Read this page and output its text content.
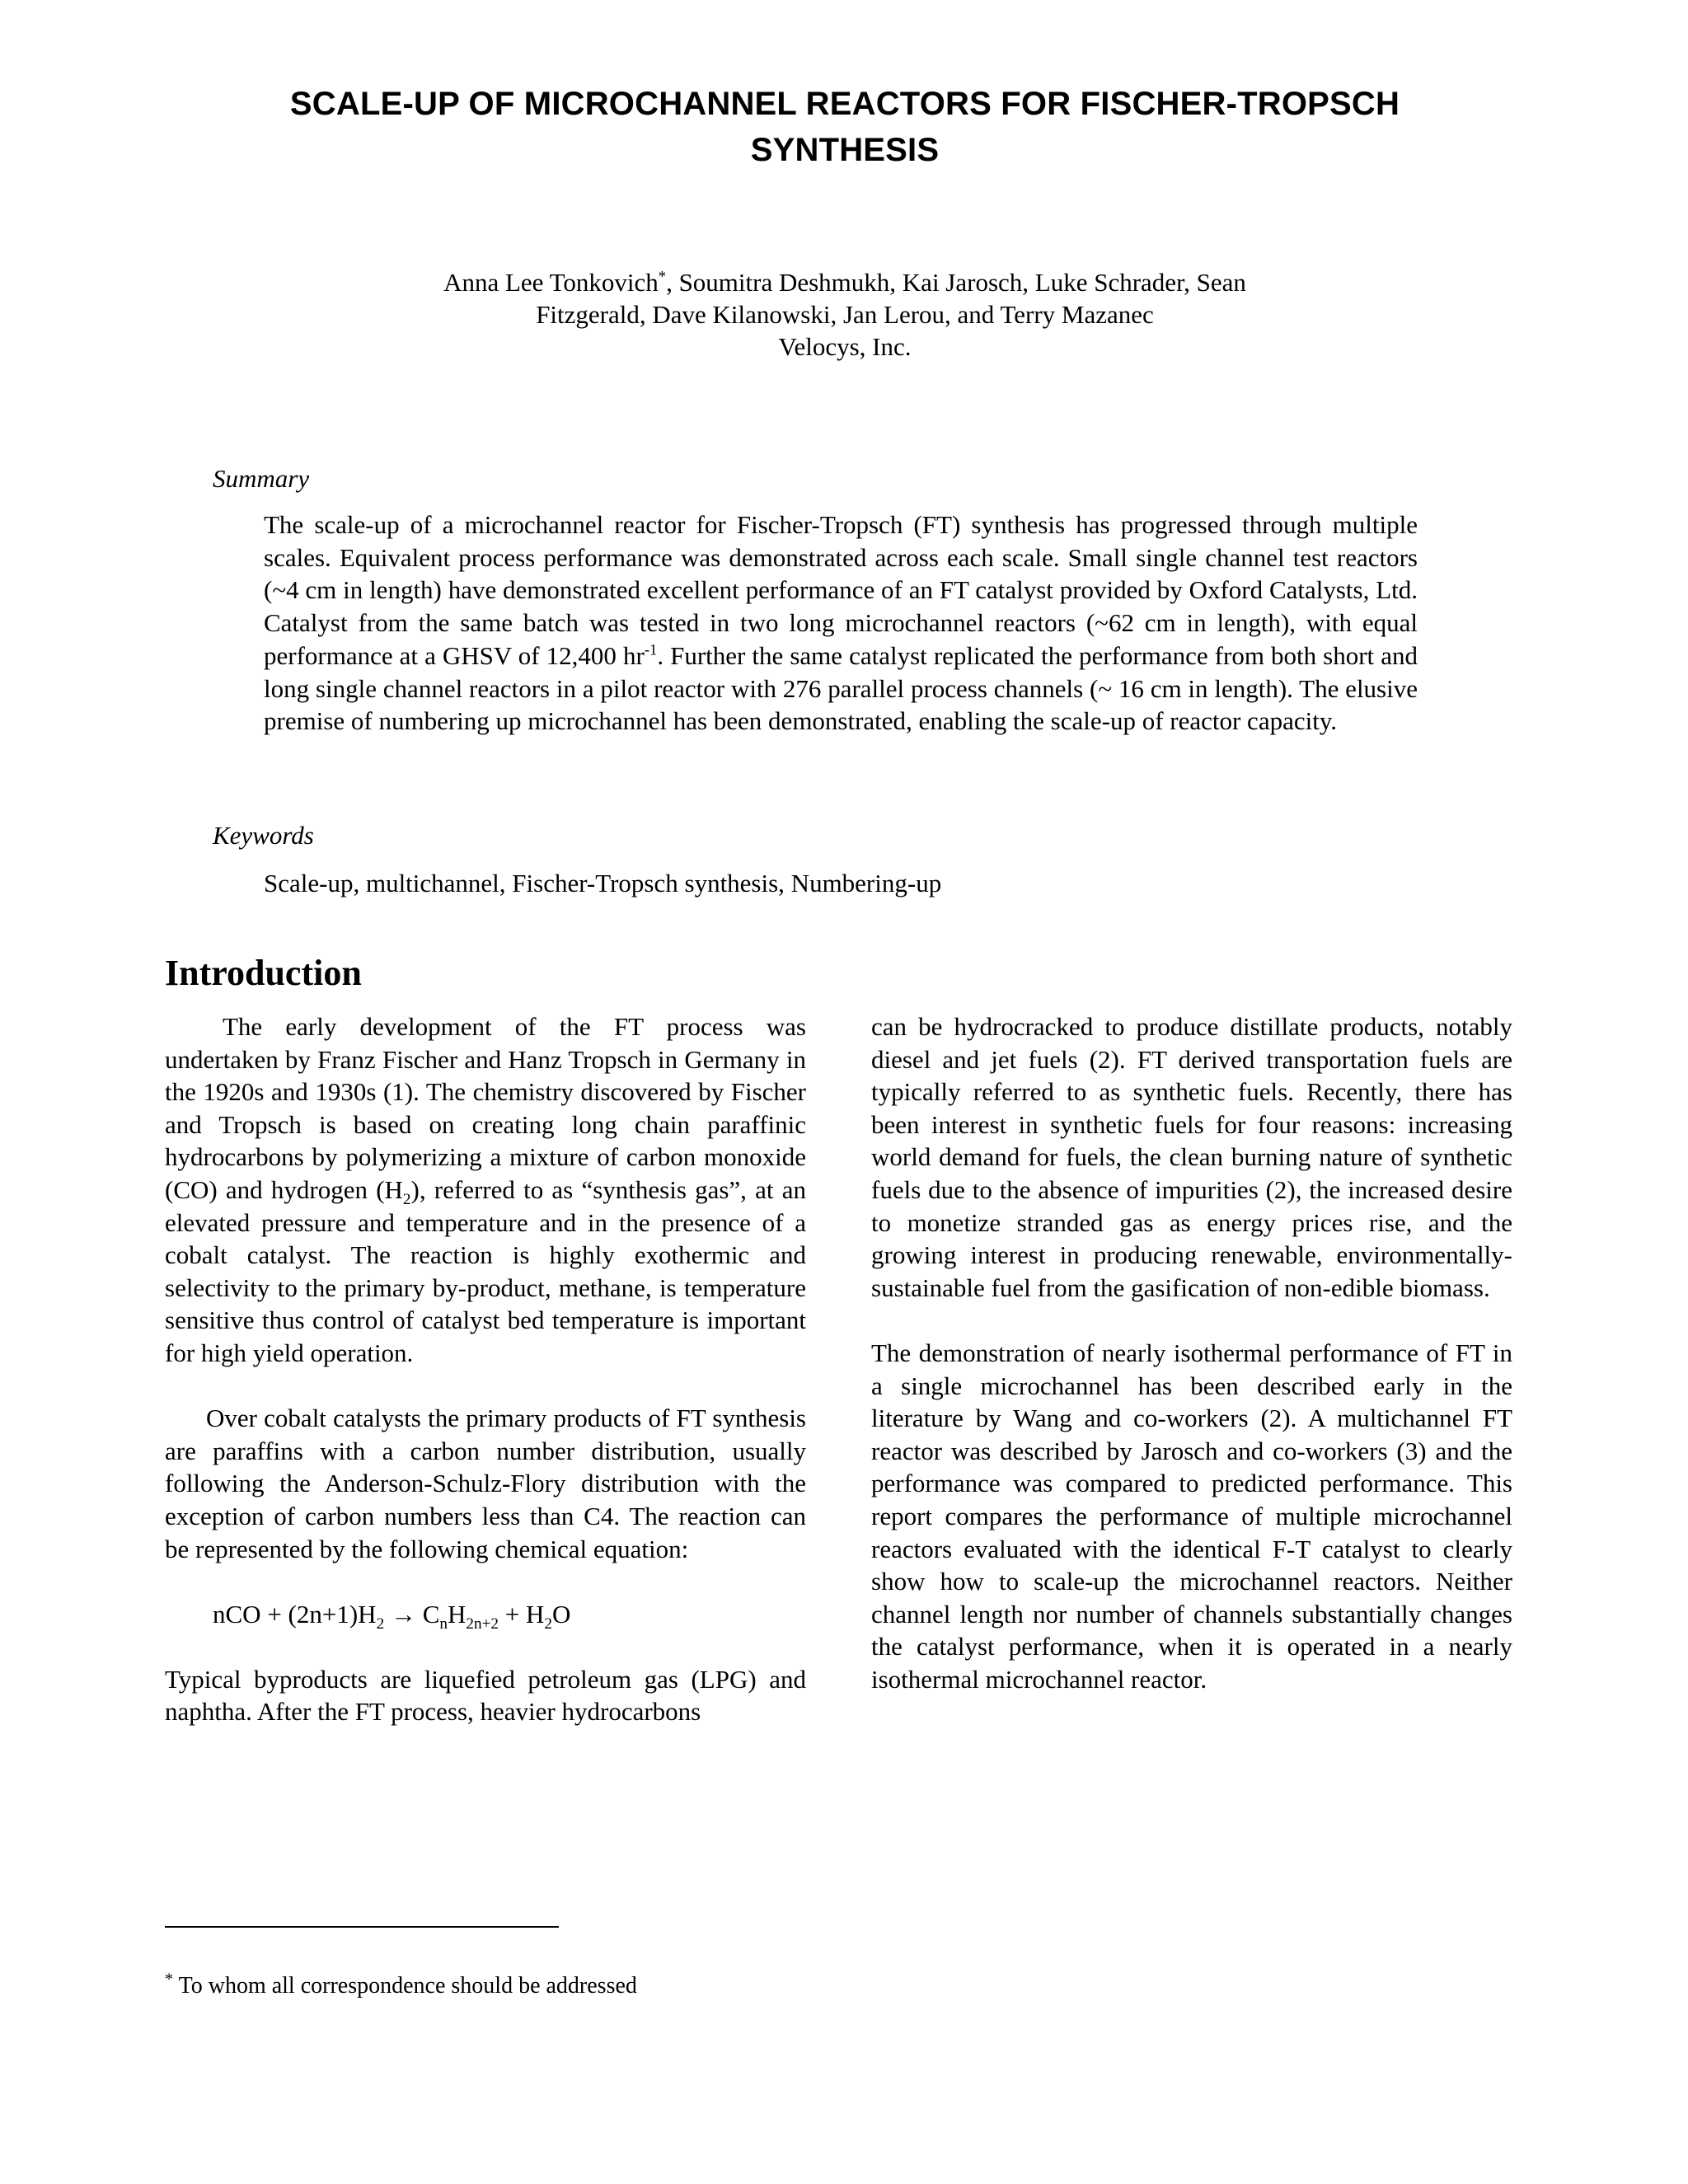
SCALE-UP OF MICROCHANNEL REACTORS FOR FISCHER-TROPSCH
SYNTHESIS
Anna Lee Tonkovich*, Soumitra Deshmukh, Kai Jarosch, Luke Schrader, Sean
Fitzgerald, Dave Kilanowski, Jan Lerou, and Terry Mazanec
Velocys, Inc.
Summary
The scale-up of a microchannel reactor for Fischer-Tropsch (FT) synthesis has progressed through multiple scales. Equivalent process performance was demonstrated across each scale. Small single channel test reactors (~4 cm in length) have demonstrated excellent performance of an FT catalyst provided by Oxford Catalysts, Ltd. Catalyst from the same batch was tested in two long microchannel reactors (~62 cm in length), with equal performance at a GHSV of 12,400 $hr^{-1}$. Further the same catalyst replicated the performance from both short and long single channel reactors in a pilot reactor with 276 parallel process channels (~ 16 cm in length). The elusive premise of numbering up microchannel has been demonstrated, enabling the scale-up of reactor capacity.
Keywords
Scale-up, multichannel, Fischer-Tropsch synthesis, Numbering-up
Introduction

The early development of the FT process was undertaken by Franz Fischer and Hanz Tropsch in Germany in the 1920s and 1930s (1). The chemistry discovered by Fischer and Tropsch is based on creating long chain paraffinic hydrocarbons by polymerizing a mixture of carbon monoxide (CO) and hydrogen $(H_2)$, referred to as “synthesis gas”, at an elevated pressure and temperature and in the presence of a cobalt catalyst. The reaction is highly exothermic and selectivity to the primary by-product, methane, is temperature sensitive thus control of catalyst bed temperature is important for high yield operation.

Over cobalt catalysts the primary products of FT synthesis are paraffins with a carbon number distribution, usually following the Anderson-Schulz-Flory distribution with the exception of carbon numbers less than C4. The reaction can be represented by the following chemical equation:

nCO + $(2n+1)H_2 \to C_nH_{2n+2} + H_2O$

Typical byproducts are liquefied petroleum gas (LPG) and naphtha. After the FT process, heavier hydrocarbons

can be hydrocracked to produce distillate products, notably diesel and jet fuels (2). FT derived transportation fuels are typically referred to as synthetic fuels. Recently, there has been interest in synthetic fuels for four reasons: increasing world demand for fuels, the clean burning nature of synthetic fuels due to the absence of impurities (2), the increased desire to monetize stranded gas as energy prices rise, and the growing interest in producing renewable, environmentally-sustainable fuel from the gasification of non-edible biomass.

The demonstration of nearly isothermal performance of FT in a single microchannel has been described early in the literature by Wang and co-workers (2). A multichannel FT reactor was described by Jarosch and co-workers (3) and the performance was compared to predicted performance. This report compares the performance of multiple microchannel reactors evaluated with the identical F-T catalyst to clearly show how to scale-up the microchannel reactors. Neither channel length nor number of channels substantially changes the catalyst performance, when it is operated in a nearly isothermal microchannel reactor.

* To whom all correspondence should be addressed
